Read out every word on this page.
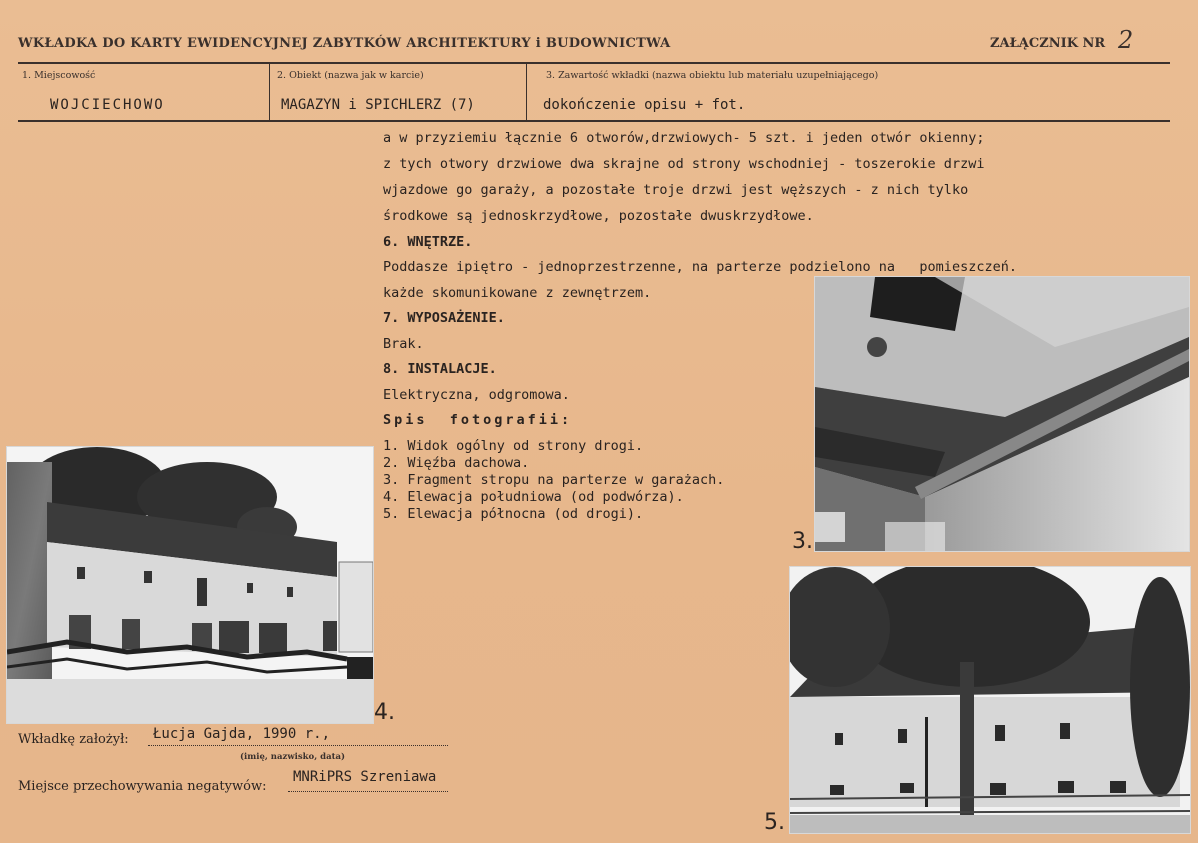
WKŁADKA DO KARTY EWIDENCYJNEJ ZABYTKÓW ARCHITEKTURY i BUDOWNICTWA	ZAŁĄCZNIK NR 2
1. Miejscowość
WOJCIECHOWO
2. Obiekt (nazwa jak w karcie)
MAGAZYN i SPICHLERZ (7)
3. Zawartość wkładki (nazwa obiektu lub materiału uzupełniającego)
dokończenie opisu + fot.
a w przyziemiu łącznie 6 otworów,drzwiowych- 5 szt. i jeden otwór okienny;
z tych otwory drzwiowe dwa skrajne od strony wschodniej - toszerokie drzwi
wjazdowe go garaży, a pozostałe troje drzwi jest węższych - z nich tylko
środkowe są jednoskrzydłowe, pozostałe dwuskrzydłowe.
6. WNĘTRZE.
Poddasze ipiętro - jednoprzestrzenne, na parterze podzielono na   pomieszczeń.
każde skomunikowane z zewnętrzem.
7. WYPOSAŻENIE.
Brak.
8. INSTALACJE.
Elektryczna, odgromowa.
Spis  fotografii:
1. Widok ogólny od strony drogi.
2. Więźba dachowa.
3. Fragment stropu na parterze w garażach.
4. Elewacja południowa (od podwórza).
5. Elewacja północna (od drogi).
3.
4.
5.
Wkładkę założył: Łucja Gajda, 1990 r.,
(imię, nazwisko, data)
Miejsce przechowywania negatywów:
MNRiPRS Szreniawa
